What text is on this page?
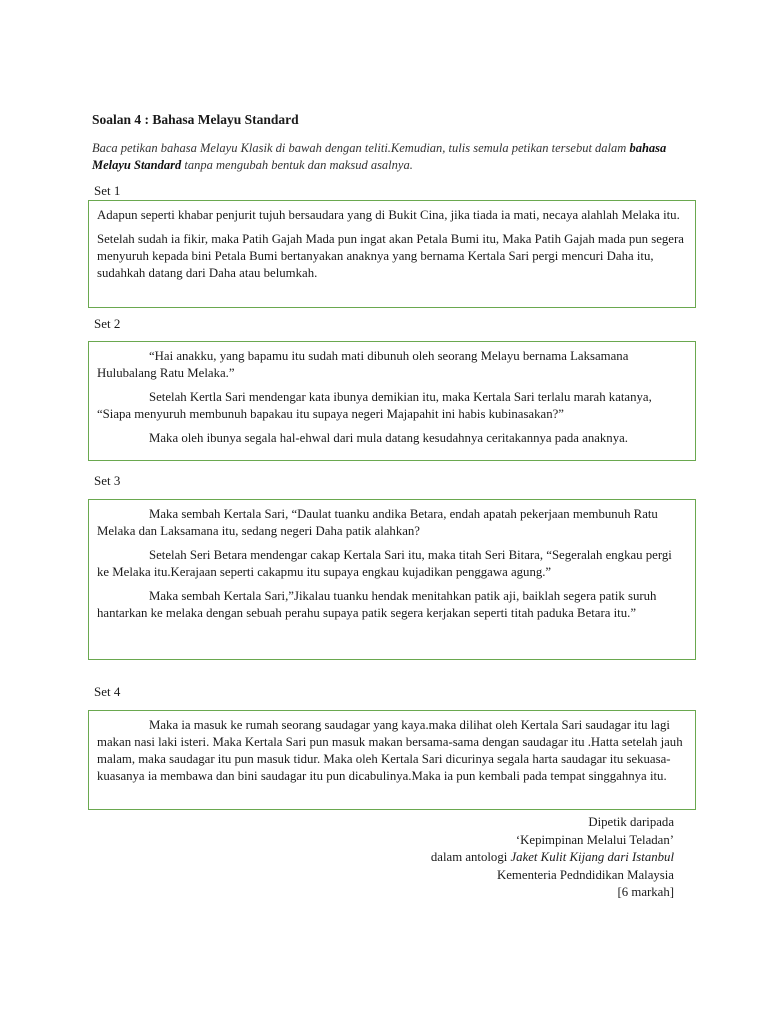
Soalan 4 : Bahasa Melayu Standard
Baca petikan bahasa Melayu Klasik di bawah dengan teliti.Kemudian, tulis semula petikan tersebut dalam bahasa Melayu Standard tanpa mengubah bentuk dan maksud asalnya.
Set 1

Adapun seperti khabar penjurit tujuh bersaudara yang di Bukit Cina, jika tiada ia mati, necaya alahlah Melaka itu.

Setelah sudah ia fikir, maka Patih Gajah Mada pun ingat akan Petala Bumi itu, Maka Patih Gajah mada pun segera menyuruh kepada bini Petala Bumi bertanyakan anaknya yang bernama Kertala Sari pergi mencuri Daha itu, sudahkah datang dari Daha atau belumkah.

Set 2

“Hai anakku, yang bapamu itu sudah mati dibunuh oleh seorang Melayu bernama Laksamana Hulubalang Ratu Melaka.”

Setelah Kertla Sari mendengar kata ibunya demikian itu, maka Kertala Sari terlalu marah katanya, “Siapa menyuruh membunuh bapakau itu supaya negeri Majapahit ini habis kubinasakan?”

Maka oleh ibunya segala hal-ehwal dari mula datang kesudahnya ceritakannya pada anaknya.

Set 3

Maka sembah Kertala Sari, “Daulat tuanku andika Betara, endah apatah pekerjaan membunuh Ratu Melaka dan Laksamana itu, sedang negeri Daha patik alahkan?

Setelah Seri Betara mendengar cakap Kertala Sari itu, maka titah Seri Bitara, “Segeralah engkau pergi ke Melaka itu.Kerajaan seperti cakapmu itu supaya engkau kujadikan penggawa agung.”

Maka sembah Kertala Sari,”Jikalau tuanku hendak menitahkan patik aji, baiklah segera patik suruh hantarkan ke melaka dengan sebuah perahu supaya patik segera kerjakan seperti titah paduka Betara itu.”

Set 4

Maka ia masuk ke rumah seorang saudagar yang kaya.maka dilihat oleh Kertala Sari saudagar itu lagi makan nasi laki isteri. Maka Kertala Sari pun masuk makan bersama-sama dengan saudagar itu .Hatta setelah jauh malam, maka saudagar itu pun masuk tidur. Maka oleh Kertala Sari dicurinya segala harta saudagar itu sekuasa-kuasanya ia membawa dan bini saudagar itu pun dicabulinya.Maka ia pun kembali pada tempat singgahnya itu.

Dipetik daripada
‘Kepimpinan Melalui Teladan’
dalam antologi Jaket Kulit Kijang dari Istanbul
Kementeria Pedndidikan Malaysia
[6 markah]
